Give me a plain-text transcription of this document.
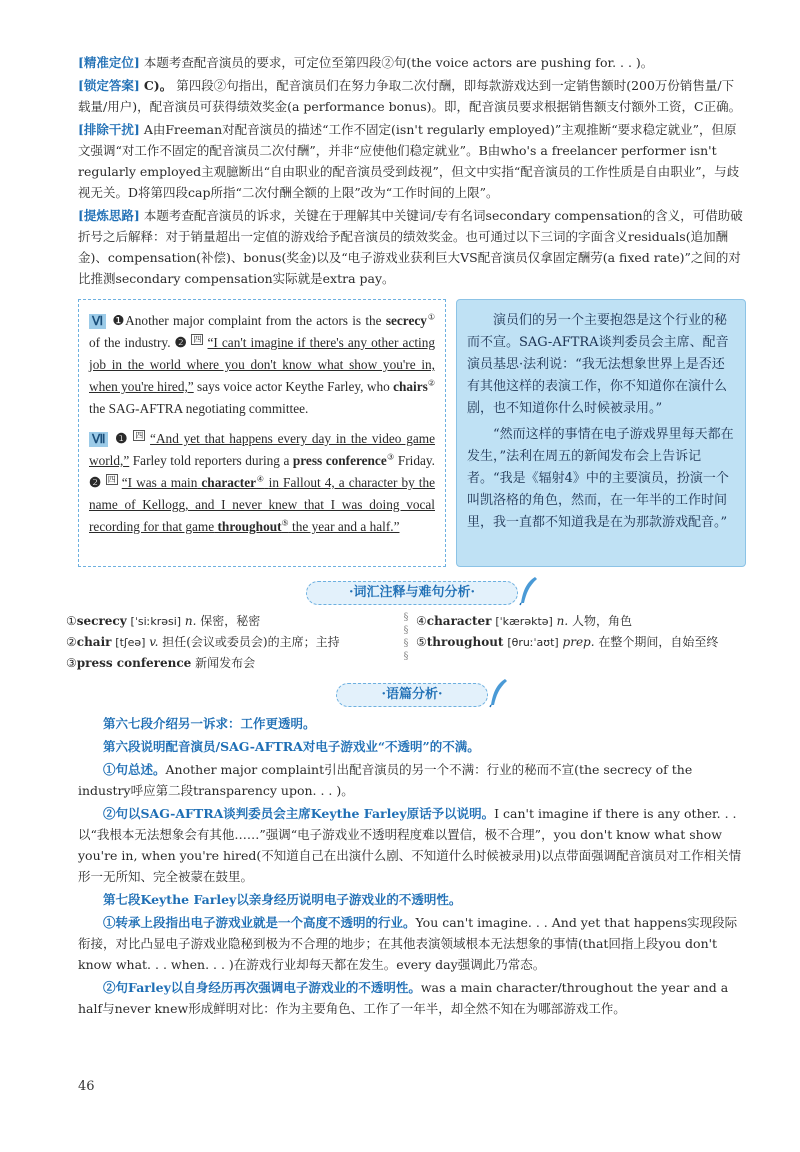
[精准定位] 本题考查配音演员的要求，可定位至第四段②句(the voice actors are pushing for. . . )。

[锁定答案] C)。 第四段②句指出，配音演员们在努力争取二次付酬，即每款游戏达到一定销售额时(200万份销售量/下载量/用户)，配音演员可获得绩效奖金(a performance bonus)。即，配音演员要求根据销售额支付额外工资，C正确。

[排除干扰] A由Freeman对配音演员的描述“工作不固定(isn't regularly employed)”主观推断“要求稳定就业”，但原文强调“对工作不固定的配音演员二次付酬”，并非“应使他们稳定就业”。B由who's a freelancer performer isn't regularly employed主观臆断出“自由职业的配音演员受到歧视”，但文中实指“配音演员的工作性质是自由职业”，与歧视无关。D将第四段cap所指“二次付酬全额的上限”改为“工作时间的上限”。

[提炼思路] 本题考查配音演员的诉求，关键在于理解其中关键词/专有名词secondary compensation的含义，可借助破折号之后解释：对于销量超出一定值的游戏给予配音演员的绩效奖金。也可通过以下三词的字面含义residuals(追加酬金)、compensation(补偿)、bonus(奖金)以及“电子游戏业获利巨大VS配音演员仅拿固定酬劳(a fixed rate)”之间的对比推测secondary compensation实际就是extra pay。

Ⅵ ❶Another major complaint from the actors is the secrecy① of the industry. ❷ 四 “I can't imagine if there's any other acting job in the world where you don't know what show you're in, when you're hired,” says voice actor Keythe Farley, who chairs② the SAG-AFTRA negotiating committee.

Ⅶ ❶ 四 “And yet that happens every day in the video game world,” Farley told reporters during a press conference③ Friday. ❷ 四 “I was a main character④ in Fallout 4, a character by the name of Kellogg, and I never knew that I was doing vocal recording for that game throughout⑤ the year and a half.”

演员们的另一个主要抱怨是这个行业的秘而不宣。SAG-AFTRA谈判委员会主席、配音演员基思·法利说：“我无法想象世界上是否还有其他这样的表演工作，你不知道你在演什么剧，也不知道你什么时候被录用。”

“然而这样的事情在电子游戏界里每天都在发生，”法利在周五的新闻发布会上告诉记者。“我是《辐射4》中的主要演员，扮演一个叫凯洛格的角色，然而，在一年半的工作时间里，我一直都不知道我是在为那款游戏配音。”

·词汇注释与难句分析·
①secrecy [ˈsiːkrəsi] n. 保密，秘密
②chair [tʃeə] v. 担任(会议或委员会)的主席；主持
③press conference 新闻发布会
§
§
§
§
④character [ˈkærəktə] n. 人物，角色
⑤throughout [θruːˈaʊt] prep. 在整个期间，自始至终
·语篇分析·

第六七段介绍另一诉求：工作更透明。

第六段说明配音演员/SAG-AFTRA对电子游戏业“不透明”的不满。

①句总述。Another major complaint引出配音演员的另一个不满：行业的秘而不宣(the secrecy of the industry呼应第二段transparency upon. . . )。

②句以SAG-AFTRA谈判委员会主席Keythe Farley原话予以说明。I can't imagine if there is any other. . . 以“我根本无法想象会有其他……”强调“电子游戏业不透明程度难以置信，极不合理”，you don't know what show you're in, when you're hired(不知道自己在出演什么剧、不知道什么时候被录用)以点带面强调配音演员对工作相关情形一无所知、完全被蒙在鼓里。

第七段Keythe Farley以亲身经历说明电子游戏业的不透明性。

①转承上段指出电子游戏业就是一个高度不透明的行业。You can't imagine. . . And yet that happens实现段际衔接，对比凸显电子游戏业隐秘到极为不合理的地步；在其他表演领域根本无法想象的事情(that回指上段you don't know what. . . when. . . )在游戏行业却每天都在发生。every day强调此乃常态。

②句Farley以自身经历再次强调电子游戏业的不透明性。was a main character/throughout the year and a half与never knew形成鲜明对比：作为主要角色、工作了一年半，却全然不知在为哪部游戏工作。

46
